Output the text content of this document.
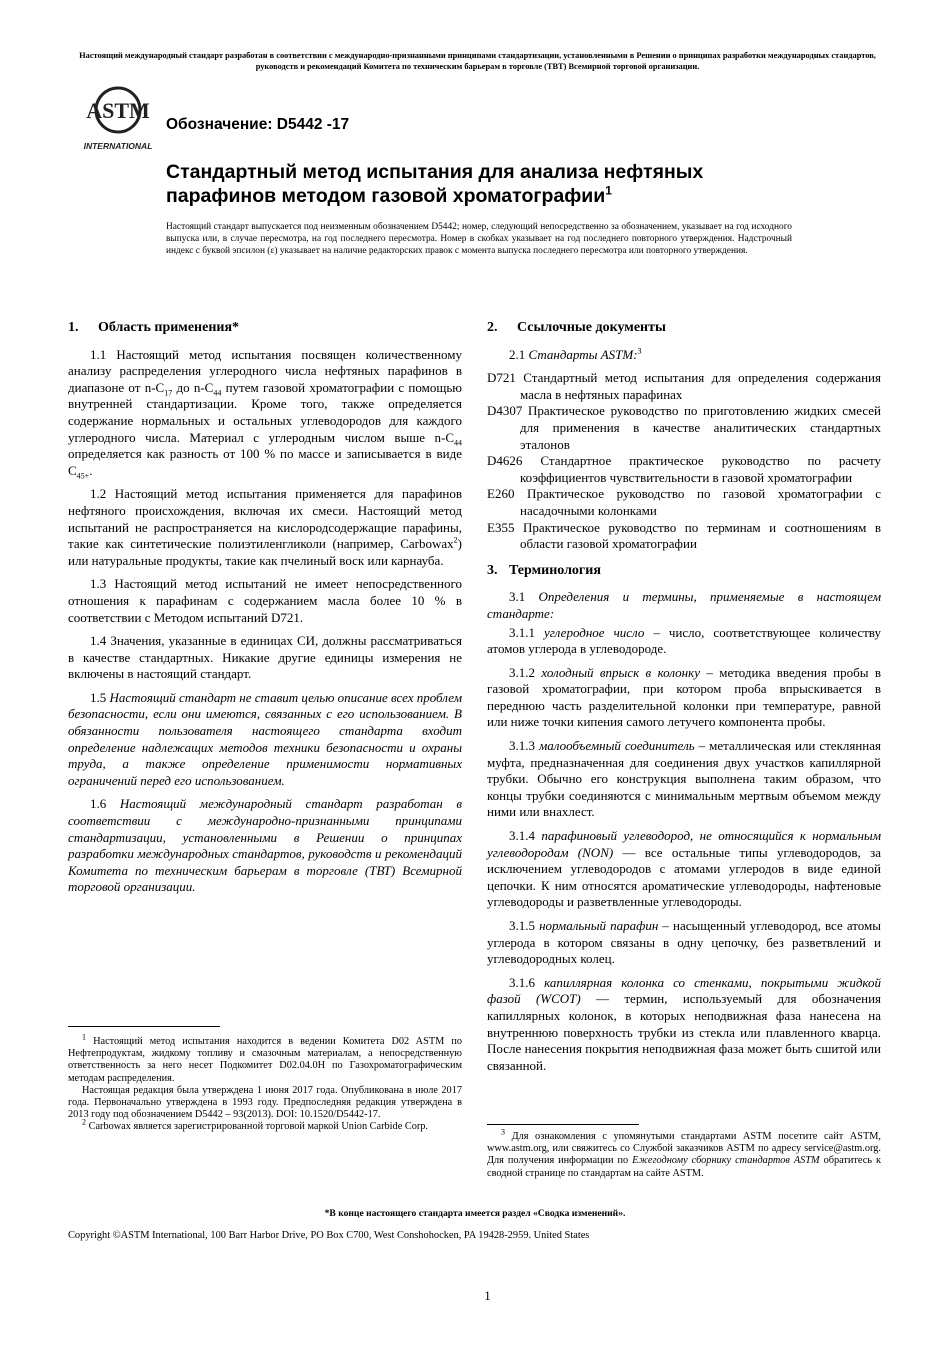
Настоящий международный стандарт разработан в соответствии с международно-признанными принципами стандартизации, установленными в Решении о принципах разработки международных стандартов, руководств и рекомендаций Комитета по техническим барьерам в торговле (ТВТ) Всемирной торговой организации.
ASTM
INTERNATIONAL
Обозначение: D5442 -17
Стандартный метод испытания для анализа нефтяных парафинов методом газовой хроматографии$^1$
Настоящий стандарт выпускается под неизменным обозначением D5442; номер, следующий непосредственно за обозначением, указывает на год исходного выпуска или, в случае пересмотра, на год последнего пересмотра. Номер в скобках указывает на год последнего повторного утверждения. Надстрочный индекс с буквой эпсилон (ε) указывает на наличие редакторских правок с момента выпуска последнего пересмотра или повторного утверждения.
1. Область применения*

1.1 Настоящий метод испытания посвящен количественному анализу распределения углеродного числа нефтяных парафинов в диапазоне от $n-C_{17}$ до $n-C_{44}$ путем газовой хроматографии с помощью внутренней стандартизации. Кроме того, также определяется содержание нормальных и остальных углеводородов для каждого углеродного числа. Материал с углеродным числом выше $n-C_{44}$ определяется как разность от 100 % по массе и записывается в виде $C_{45+}$.

1.2 Настоящий метод испытания применяется для парафинов нефтяного происхождения, включая их смеси. Настоящий метод испытаний не распространяется на кислородсодержащие парафины, такие как синтетические полиэтиленгликоли (например, Carbowax$^2$) или натуральные продукты, такие как пчелиный воск или карнауба.

1.3 Настоящий метод испытаний не имеет непосредственного отношения к парафинам с содержанием масла более 10 % в соответствии с Методом испытаний D721.

1.4 Значения, указанные в единицах СИ, должны рассматриваться в качестве стандартных. Никакие другие единицы измерения не включены в настоящий стандарт.

1.5 Настоящий стандарт не ставит целью описание всех проблем безопасности, если они имеются, связанных с его использованием. В обязанности пользователя настоящего стандарта входит определение надлежащих методов техники безопасности и охраны труда, а также определение применимости нормативных ограничений перед его использованием.

1.6 Настоящий международный стандарт разработан в соответствии с международно-признанными принципами стандартизации, установленными в Решении о принципах разработки международных стандартов, руководств и рекомендаций Комитета по техническим барьерам в торговле (ТВТ) Всемирной торговой организации.

$^1$ Настоящий метод испытания находится в ведении Комитета D02 ASTM по Нефтепродуктам, жидкому топливу и смазочным материалам, а непосредственную ответственность за него несет Подкомитет D02.04.0H по Газохроматографическим методам распределения.

Настоящая редакция была утверждена 1 июня 2017 года. Опубликована в июле 2017 года. Первоначально утверждена в 1993 году. Предпоследняя редакция утверждена в 2013 году под обозначением D5442 – 93(2013). DOI: 10.1520/D5442-17.

$^2$ Carbowax является зарегистрированной торговой маркой Union Carbide Corp.

2. Ссылочные документы

2.1 Стандарты ASTM:$^3$

D721 Стандартный метод испытания для определения содержания масла в нефтяных парафинах
D4307 Практическое руководство по приготовлению жидких смесей для применения в качестве аналитических стандартных эталонов
D4626 Стандартное практическое руководство по расчету коэффициентов чувствительности в газовой хроматографии
E260 Практическое руководство по газовой хроматографии с насадочными колонками
E355 Практическое руководство по терминам и соотношениям в области газовой хроматографии
3. Терминология

3.1 Определения и термины, применяемые в настоящем стандарте:

3.1.1 углеродное число – число, соответствующее количеству атомов углерода в углеводороде.

3.1.2 холодный впрыск в колонку – методика введения пробы в газовой хроматографии, при котором проба впрыскивается в переднюю часть разделительной колонки при температуре, равной или ниже точки кипения самого летучего компонента пробы.

3.1.3 малообъемный соединитель – металлическая или стеклянная муфта, предназначенная для соединения двух участков капиллярной трубки. Обычно его конструкция выполнена таким образом, что концы трубки соединяются с минимальным мертвым объемом между ними или внахлест.

3.1.4 парафиновый углеводород, не относящийся к нормальным углеводородам (NON) — все остальные типы углеводородов, за исключением углеводородов с атомами углеродов в виде единой цепочки. К ним относятся ароматические углеводороды, нафтеновые углеводороды и разветвленные углеводороды.

3.1.5 нормальный парафин – насыщенный углеводород, все атомы углерода в котором связаны в одну цепочку, без разветвлений и углеводородных колец.

3.1.6 капиллярная колонка со стенками, покрытыми жидкой фазой (WCOT) — термин, используемый для обозначения капиллярных колонок, в которых неподвижная фаза нанесена на внутреннюю поверхность трубки из стекла или плавленного кварца. После нанесения покрытия неподвижная фаза может быть сшитой или связанной.

$^3$ Для ознакомления с упомянутыми стандартами ASTM посетите сайт ASTM, www.astm.org, или свяжитесь со Службой заказчиков ASTM по адресу service@astm.org. Для получения информации по Ежегодному сборнику стандартов ASTM обратитесь к сводной странице по стандартам на сайте ASTM.

*В конце настоящего стандарта имеется раздел «Сводка изменений».
Copyright ©ASTM International, 100 Barr Harbor Drive, PO Box C700, West Conshohocken, PA 19428-2959. United States
1
